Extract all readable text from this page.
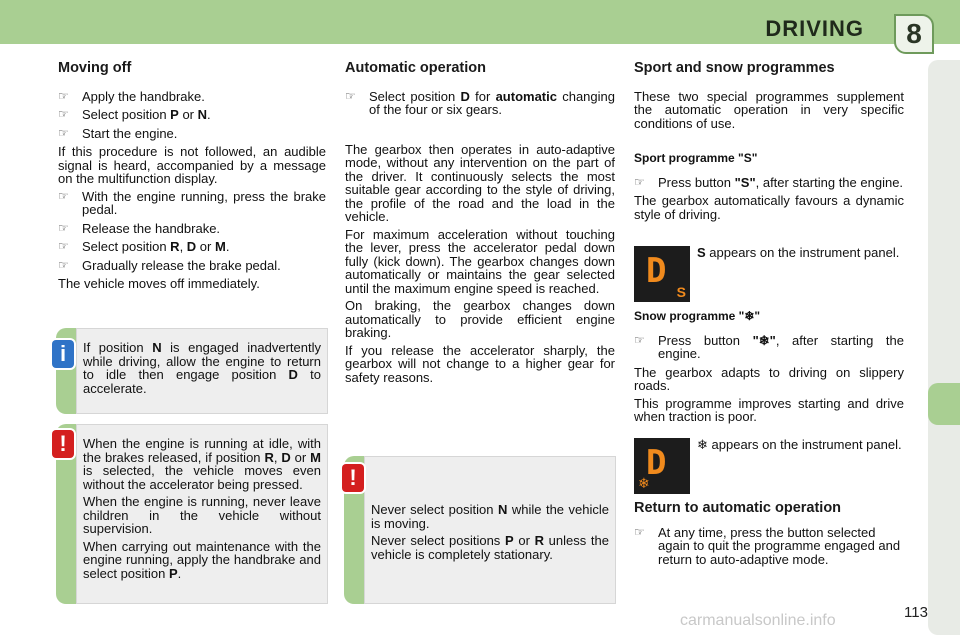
DRIVING 8
Moving off
☞	Apply the handbrake.
☞	Select position P or N.
☞	Start the engine.

If this procedure is not followed, an audible signal is heard, accompanied by a message on the multifunction display.

☞	With the engine running, press the brake pedal.
☞	Release the handbrake.
☞	Select position R, D or M.
☞	Gradually release the brake pedal.

The vehicle moves off immediately.

If position N is engaged inadvertently while driving, allow the engine to return to idle then engage position D to accelerate.

i

When the engine is running at idle, with the brakes released, if position R, D or M is selected, the vehicle moves even without the accelerator being pressed.

When the engine is running, never leave children in the vehicle without supervision.

When carrying out maintenance with the engine running, apply the handbrake and select position P.

!
Automatic operation
☞	Select position D for automatic changing of the four or six gears.

The gearbox then operates in auto-adaptive mode, without any intervention on the part of the driver. It continuously selects the most suitable gear according to the style of driving, the profile of the road and the load in the vehicle.

For maximum acceleration without touching the lever, press the accelerator pedal down fully (kick down). The gearbox changes down automatically or maintains the gear selected until the maximum engine speed is reached.

On braking, the gearbox changes down automatically to provide efficient engine braking.

If you release the accelerator sharply, the gearbox will not change to a higher gear for safety reasons.

Never select position N while the vehicle is moving.

Never select positions P or R unless the vehicle is completely stationary.

!
Sport and snow programmes

These two special programmes supplement the automatic operation in very specific conditions of use.

Sport programme "S"
☞	Press button "S", after starting the engine.

The gearbox automatically favours a dynamic style of driving.

D
S
S appears on the instrument panel.
Snow programme "❄"
☞	Press button "❄", after starting the engine.

The gearbox adapts to driving on slippery roads.

This programme improves starting and drive when traction is poor.

D
❄
❄ appears on the instrument panel.
Return to automatic operation
☞	At any time, press the button selected again to quit the programme engaged and return to auto-adaptive mode.
carmanualsonline.info	113
